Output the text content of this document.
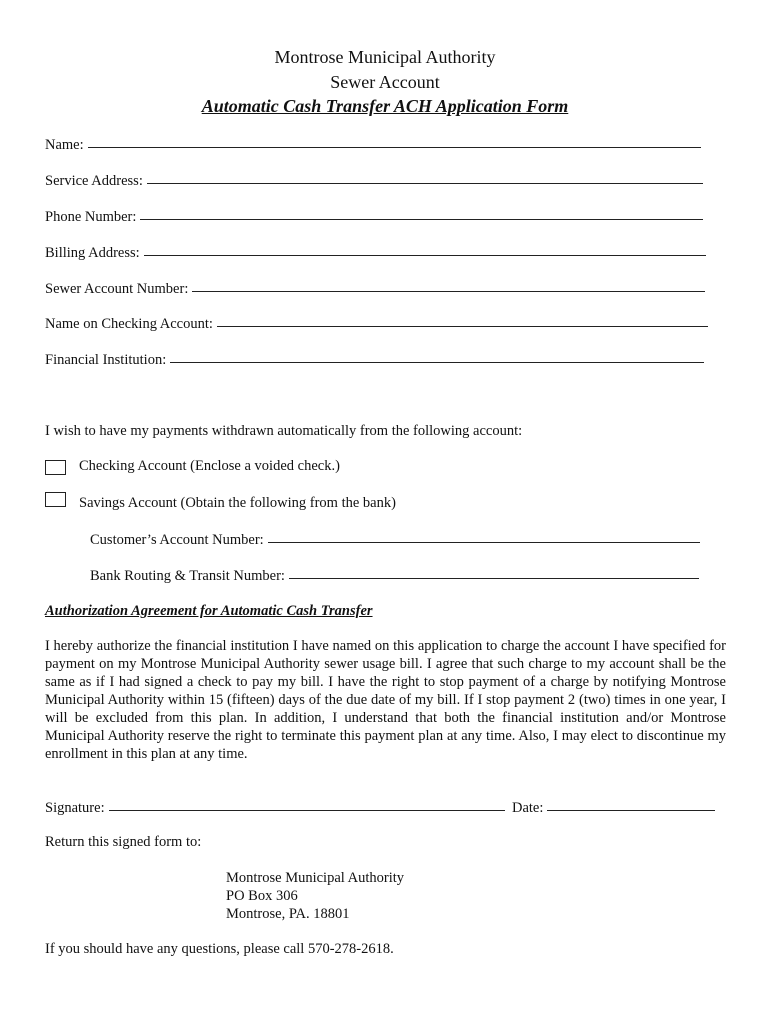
Montrose Municipal Authority
Sewer Account
Automatic Cash Transfer ACH Application Form
Name:
Service Address:
Phone Number:
Billing Address:
Sewer Account Number:
Name on Checking Account:
Financial Institution:
I wish to have my payments withdrawn automatically from the following account:
Checking Account (Enclose a voided check.)
Savings Account (Obtain the following from the bank)
Customer’s Account Number:
Bank Routing & Transit Number:
Authorization Agreement for Automatic Cash Transfer
I hereby authorize the financial institution I have named on this application to charge the account I have specified for payment on my Montrose Municipal Authority sewer usage bill. I agree that such charge to my account shall be the same as if I had signed a check to pay my bill. I have the right to stop payment of a charge by notifying Montrose Municipal Authority within 15 (fifteen) days of the due date of my bill. If I stop payment 2 (two) times in one year, I will be excluded from this plan. In addition, I understand that both the financial institution and/or Montrose Municipal Authority reserve the right to terminate this payment plan at any time. Also, I may elect to discontinue my enrollment in this plan at any time.
Signature:	Date:
Return this signed form to:
Montrose Municipal Authority
PO Box 306
Montrose, PA. 18801
If you should have any questions, please call 570-278-2618.
